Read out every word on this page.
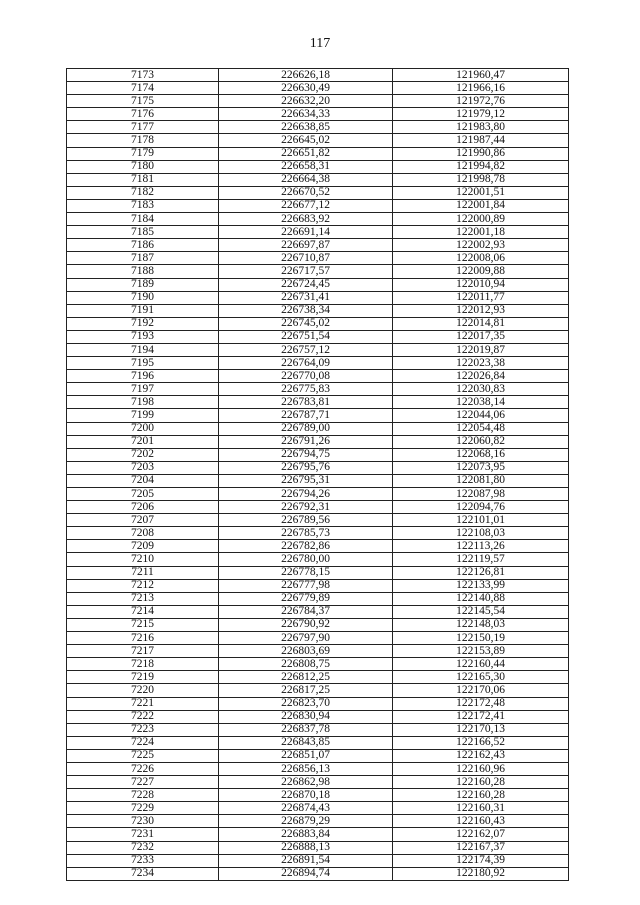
117
7173	226626,18	121960,47
7174	226630,49	121966,16
7175	226632,20	121972,76
7176	226634,33	121979,12
7177	226638,85	121983,80
7178	226645,02	121987,44
7179	226651,82	121990,86
7180	226658,31	121994,82
7181	226664,38	121998,78
7182	226670,52	122001,51
7183	226677,12	122001,84
7184	226683,92	122000,89
7185	226691,14	122001,18
7186	226697,87	122002,93
7187	226710,87	122008,06
7188	226717,57	122009,88
7189	226724,45	122010,94
7190	226731,41	122011,77
7191	226738,34	122012,93
7192	226745,02	122014,81
7193	226751,54	122017,35
7194	226757,12	122019,87
7195	226764,09	122023,38
7196	226770,08	122026,84
7197	226775,83	122030,83
7198	226783,81	122038,14
7199	226787,71	122044,06
7200	226789,00	122054,48
7201	226791,26	122060,82
7202	226794,75	122068,16
7203	226795,76	122073,95
7204	226795,31	122081,80
7205	226794,26	122087,98
7206	226792,31	122094,76
7207	226789,56	122101,01
7208	226785,73	122108,03
7209	226782,86	122113,26
7210	226780,00	122119,57
7211	226778,15	122126,81
7212	226777,98	122133,99
7213	226779,89	122140,88
7214	226784,37	122145,54
7215	226790,92	122148,03
7216	226797,90	122150,19
7217	226803,69	122153,89
7218	226808,75	122160,44
7219	226812,25	122165,30
7220	226817,25	122170,06
7221	226823,70	122172,48
7222	226830,94	122172,41
7223	226837,78	122170,13
7224	226843,85	122166,52
7225	226851,07	122162,43
7226	226856,13	122160,96
7227	226862,98	122160,28
7228	226870,18	122160,28
7229	226874,43	122160,31
7230	226879,29	122160,43
7231	226883,84	122162,07
7232	226888,13	122167,37
7233	226891,54	122174,39
7234	226894,74	122180,92
